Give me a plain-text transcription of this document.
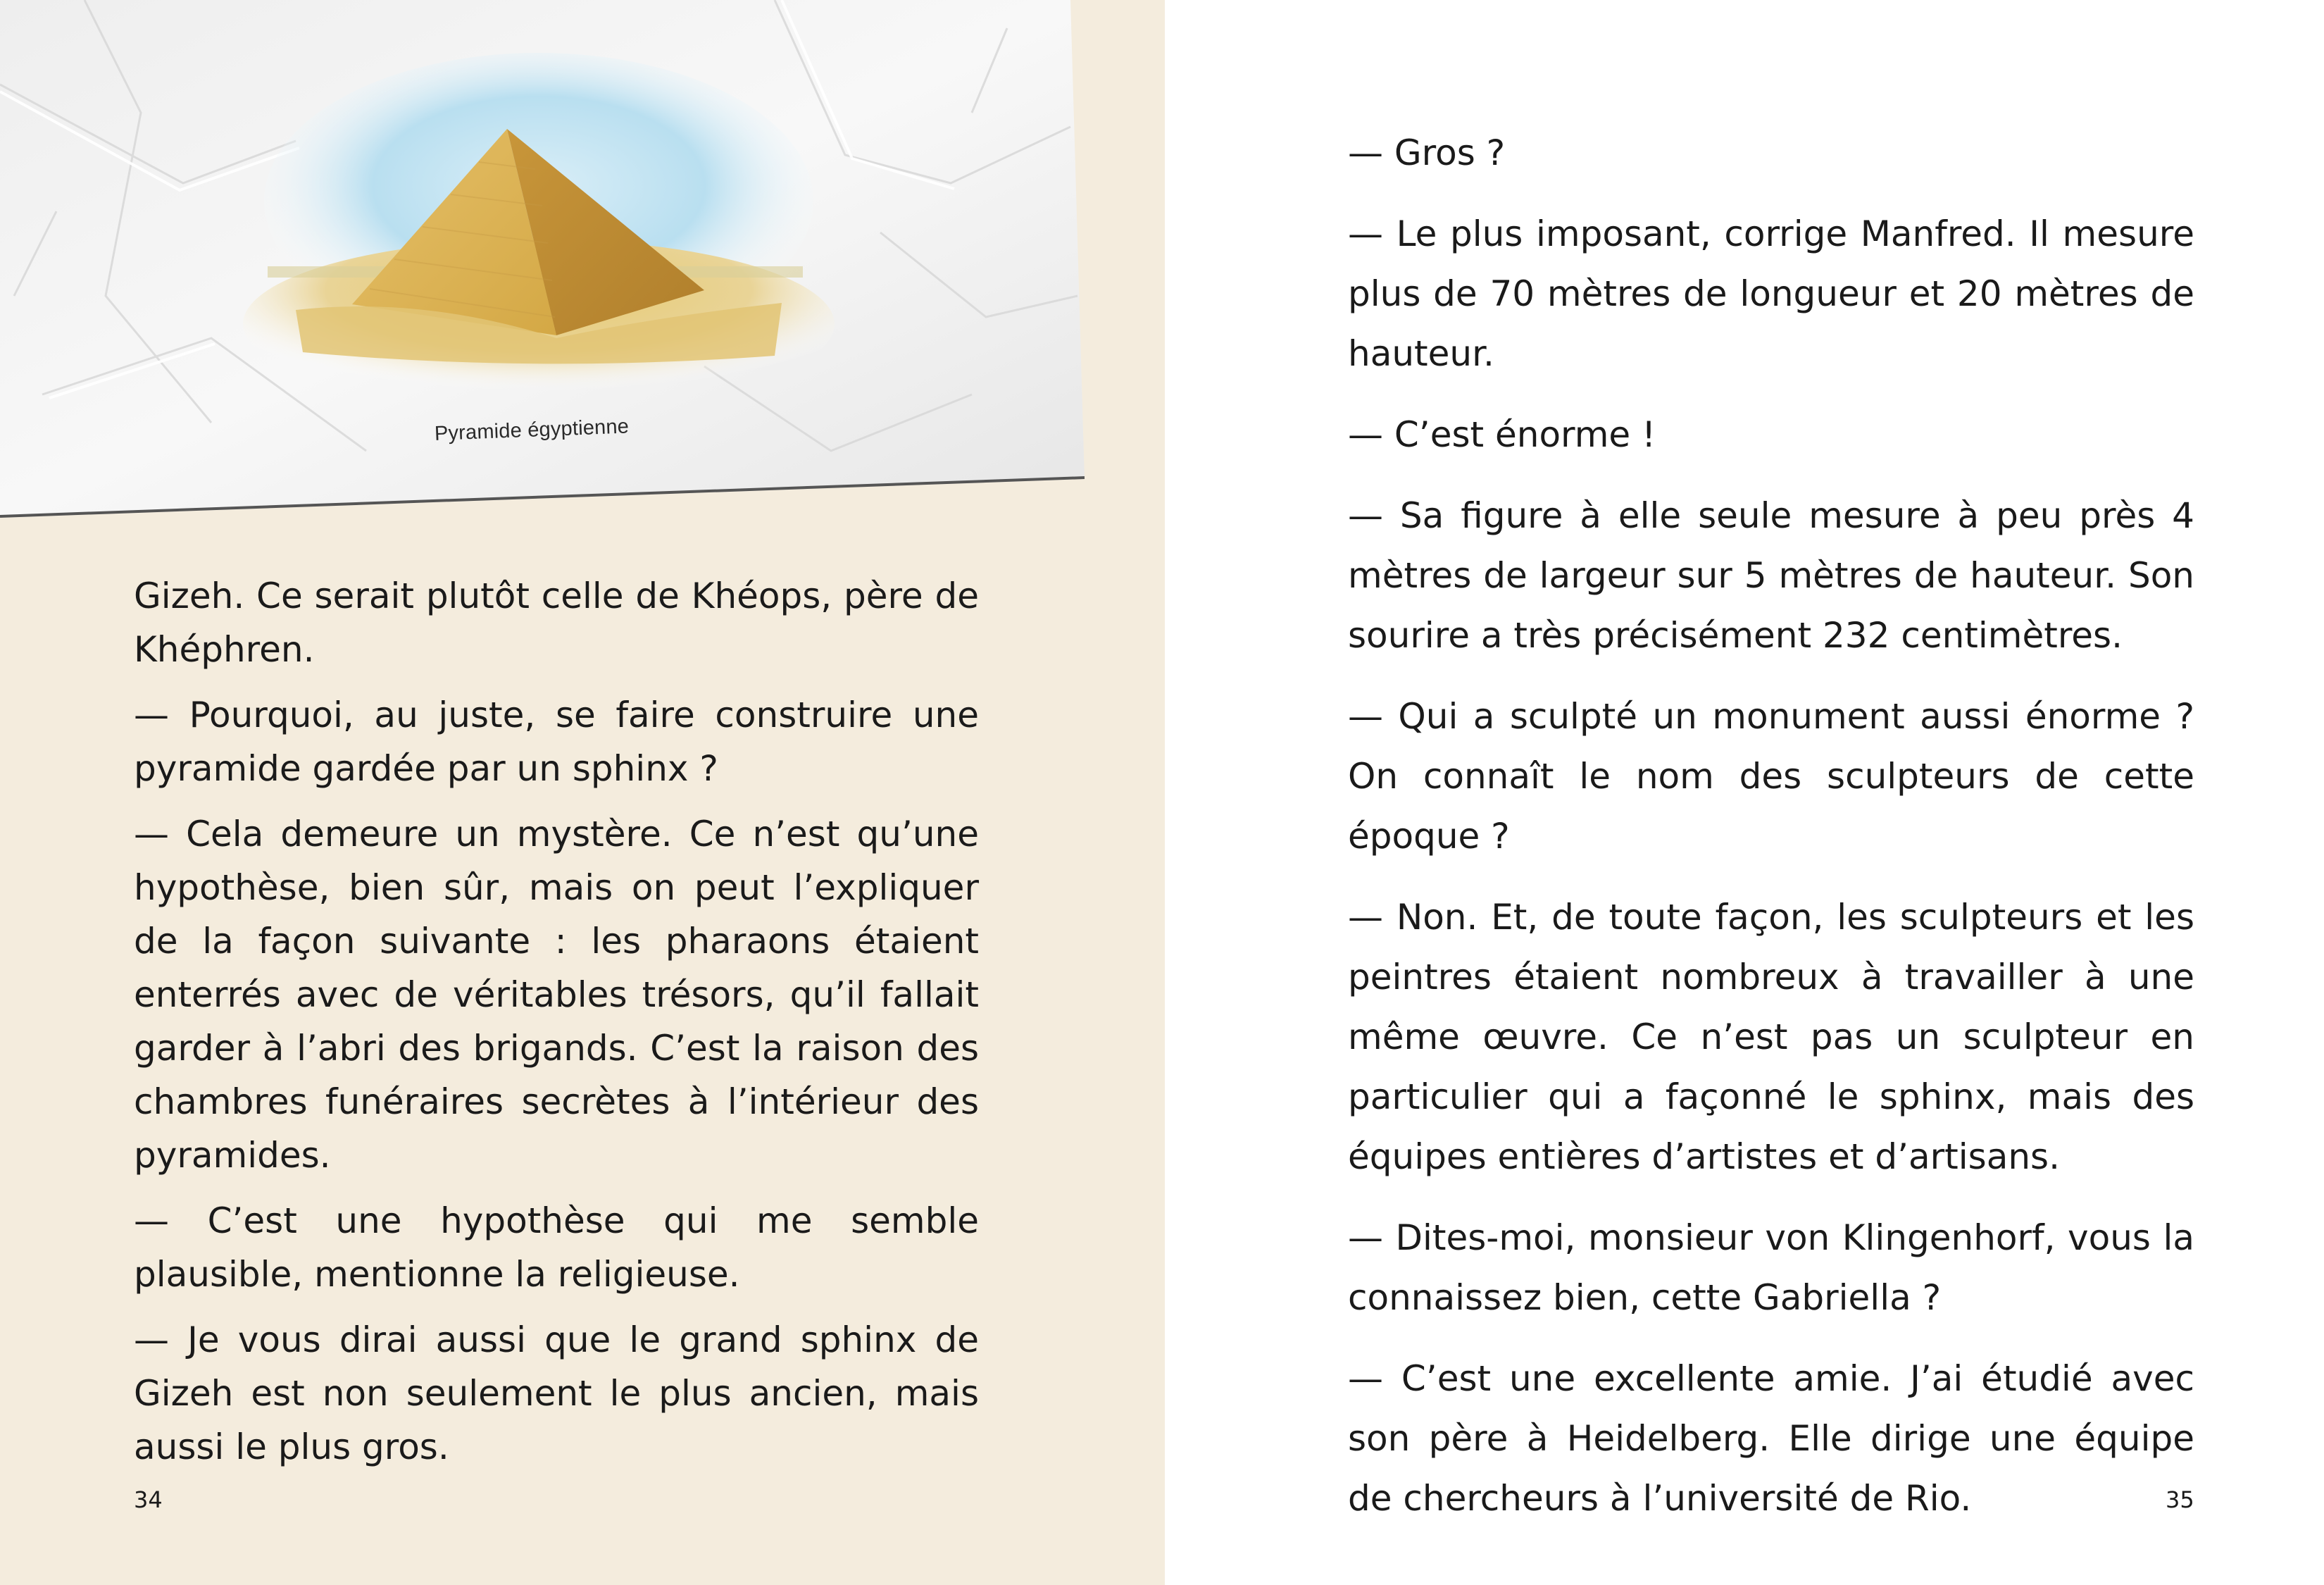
Pyramide égyptienne

Gizeh. Ce serait plutôt celle de Khéops, père de Khéphren.

— Pourquoi, au juste, se faire construire une pyramide gardée par un sphinx ?

— Cela demeure un mystère. Ce n’est qu’une hypothèse, bien sûr, mais on peut l’expliquer de la façon suivante : les pharaons étaient enterrés avec de véritables trésors, qu’il fallait garder à l’abri des brigands. C’est la raison des chambres funéraires secrètes à l’intérieur des pyramides.

— C’est une hypothèse qui me semble plausible, mentionne la religieuse.

— Je vous dirai aussi que le grand sphinx de Gizeh est non seulement le plus ancien, mais aussi le plus gros.

34

— Gros ?

— Le plus imposant, corrige Manfred. Il mesure plus de 70 mètres de longueur et 20 mètres de hauteur.

— C’est énorme !

— Sa figure à elle seule mesure à peu près 4 mètres de largeur sur 5 mètres de hauteur. Son sourire a très précisément 232 centimètres.

— Qui a sculpté un monument aussi énorme ? On connaît le nom des sculpteurs de cette époque ?

— Non. Et, de toute façon, les sculpteurs et les peintres étaient nombreux à travailler à une même œuvre. Ce n’est pas un sculpteur en particulier qui a façonné le sphinx, mais des équipes entières d’artistes et d’artisans.

— Dites-moi, monsieur von Klingenhorf, vous la connaissez bien, cette Gabriella ?

— C’est une excellente amie. J’ai étudié avec son père à Heidelberg. Elle dirige une équipe de chercheurs à l’université de Rio.	35
